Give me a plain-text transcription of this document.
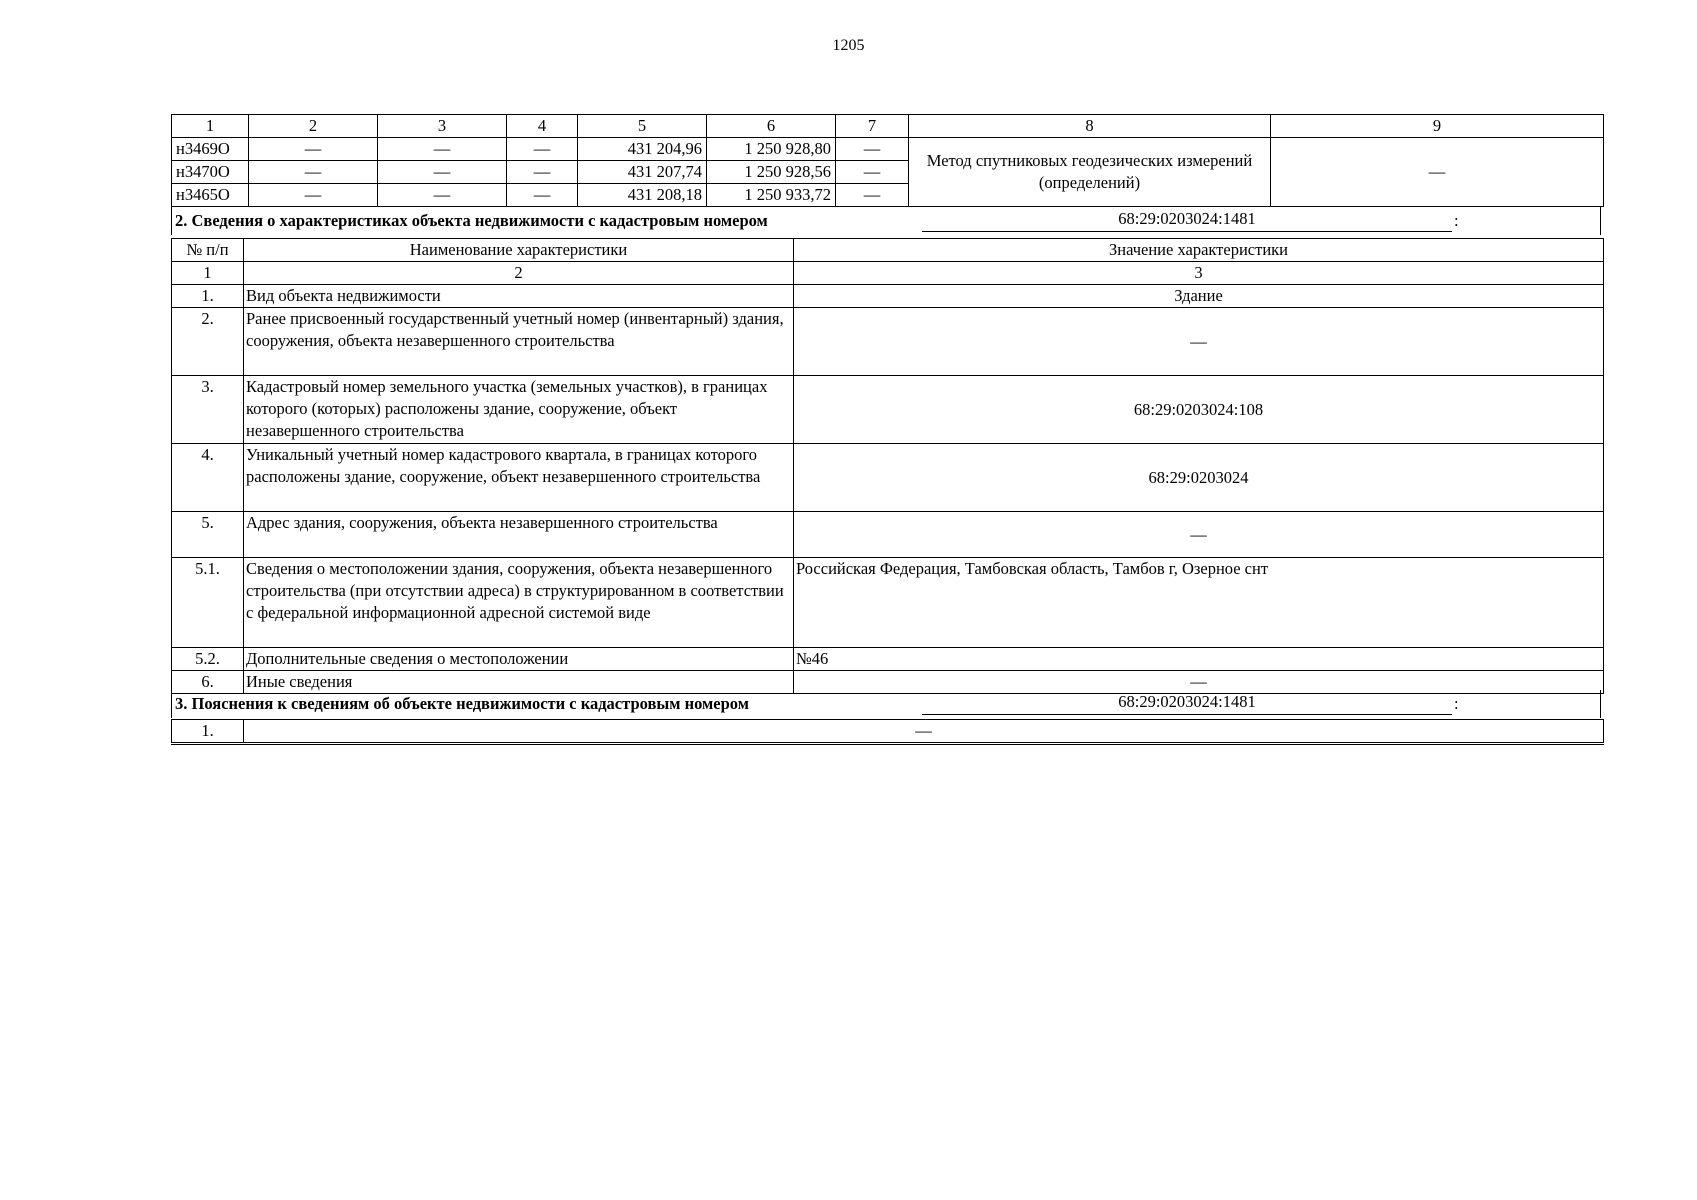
1205
1	2	3	4	5	6	7	8	9
н3469О	—	—	—	431 204,96	1 250 928,80	—	Метод спутниковых геодезических измерений (определений)	—
н3470О	—	—	—	431 207,74	1 250 928,56	—		
н3465О	—	—	—	431 208,18	1 250 933,72	—		
2. Сведения о характеристиках объекта недвижимости с кадастровым номером	68:29:0203024:1481	:
№ п/п	Наименование характеристики	Значение характеристики
1	2	3
1.	Вид объекта недвижимости	Здание
2.	Ранее присвоенный государственный учетный номер (инвентарный) здания, сооружения, объекта незавершенного строительства	—
3.	Кадастровый номер земельного участка (земельных участков), в границах которого (которых) расположены здание, сооружение, объект незавершенного строительства	68:29:0203024:108
4.	Уникальный учетный номер кадастрового квартала, в границах которого расположены здание, сооружение, объект незавершенного строительства	68:29:0203024
5.	Адрес здания, сооружения, объекта незавершенного строительства	—
5.1.	Сведения о местоположении здания, сооружения, объекта незавершенного строительства (при отсутствии адреса) в структурированном в соответствии с федеральной информационной адресной системой виде	Российская Федерация, Тамбовская область, Тамбов г, Озерное снт
5.2.	Дополнительные сведения о местоположении	№46
6.	Иные сведения	—
3. Пояснения к сведениям об объекте недвижимости с кадастровым номером	68:29:0203024:1481	:
1.	—
